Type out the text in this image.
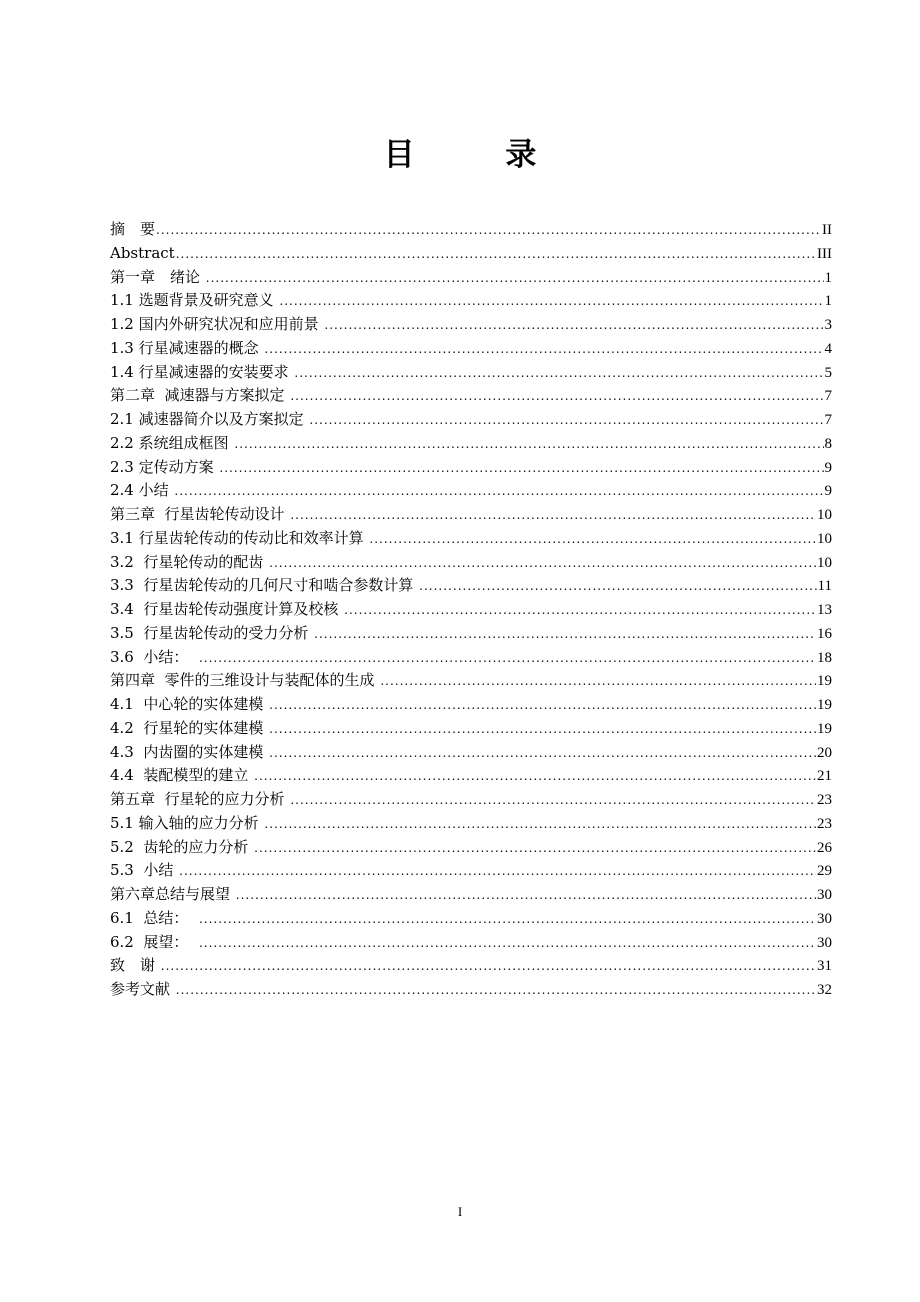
目 录
摘　要 .....	II
Abstract .....	III
第一章　绪论 .....	1
1.1 选题背景及研究意义 .....	1
1.2 国内外研究状况和应用前景 .....	3
1.3 行星减速器的概念 .....	4
1.4 行星减速器的安装要求 .....	5
第二章  减速器与方案拟定 .....	7
2.1 减速器简介以及方案拟定 .....	7
2.2 系统组成框图 .....	8
2.3 定传动方案 .....	9
2.4 小结 .....	9
第三章  行星齿轮传动设计 .....	10
3.1 行星齿轮传动的传动比和效率计算 .....	10
3.2  行星轮传动的配齿 .....	10
3.3  行星齿轮传动的几何尺寸和啮合参数计算 .....	11
3.4  行星齿轮传动强度计算及校核 .....	13
3.5  行星齿轮传动的受力分析 .....	16
3.6  小结： .....	18
第四章  零件的三维设计与装配体的生成 .....	19
4.1  中心轮的实体建模 .....	19
4.2  行星轮的实体建模 .....	19
4.3  内齿圈的实体建模 .....	20
4.4  装配模型的建立 .....	21
第五章  行星轮的应力分析 .....	23
5.1 输入轴的应力分析 .....	23
5.2  齿轮的应力分析 .....	26
5.3  小结 .....	29
第六章总结与展望 .....	30
6.1  总结： .....	30
6.2  展望： .....	30
致　谢 .....	31
参考文献 .....	32
I
